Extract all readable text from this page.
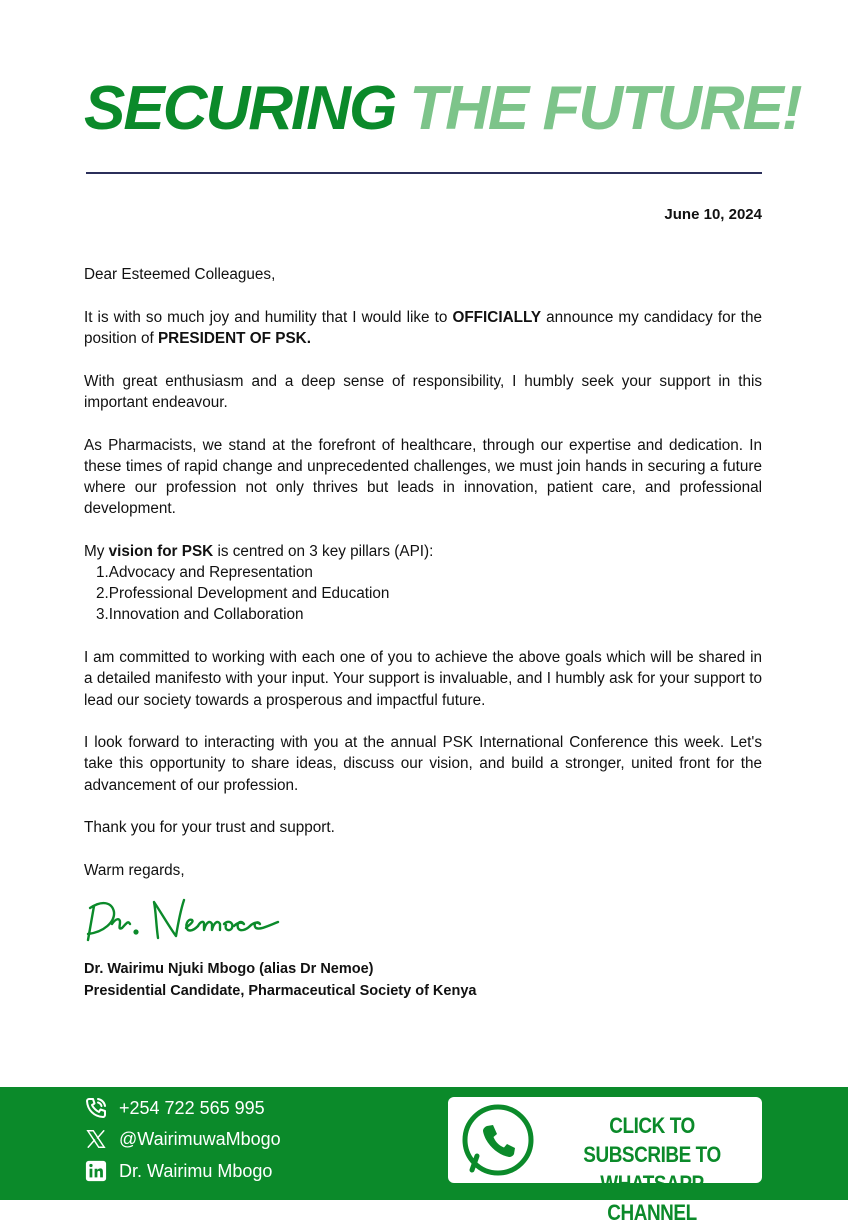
SECURING THE FUTURE!
June 10, 2024

Dear Esteemed Colleagues,

It is with so much joy and humility that I would like to OFFICIALLY announce my candidacy for the position of PRESIDENT OF PSK.

With great enthusiasm and a deep sense of responsibility, I humbly seek your support in this important endeavour.

As Pharmacists, we stand at the forefront of healthcare, through our expertise and dedication. In these times of rapid change and unprecedented challenges, we must join hands in securing a future where our profession not only thrives but leads in innovation, patient care, and professional development.

My vision for PSK is centred on 3 key pillars (API):
1.Advocacy and Representation
2.Professional Development and Education
3.Innovation and Collaboration

I am committed to working with each one of you to achieve the above goals which will be shared in a detailed manifesto with your input. Your support is invaluable, and I humbly ask for your support to lead our society towards a prosperous and impactful future.

I look forward to interacting with you at the annual PSK International Conference this week. Let's take this opportunity to share ideas, discuss our vision, and build a stronger, united front for the advancement of our profession.

Thank you for your trust and support.

Warm regards,

Dr. Wairimu Njuki Mbogo (alias Dr Nemoe)
Presidential Candidate, Pharmaceutical Society of Kenya
+254 722 565 995
@WairimuwaMbogo
Dr. Wairimu Mbogo
CLICK TO SUBSCRIBE TO
WHATSAPP CHANNEL
